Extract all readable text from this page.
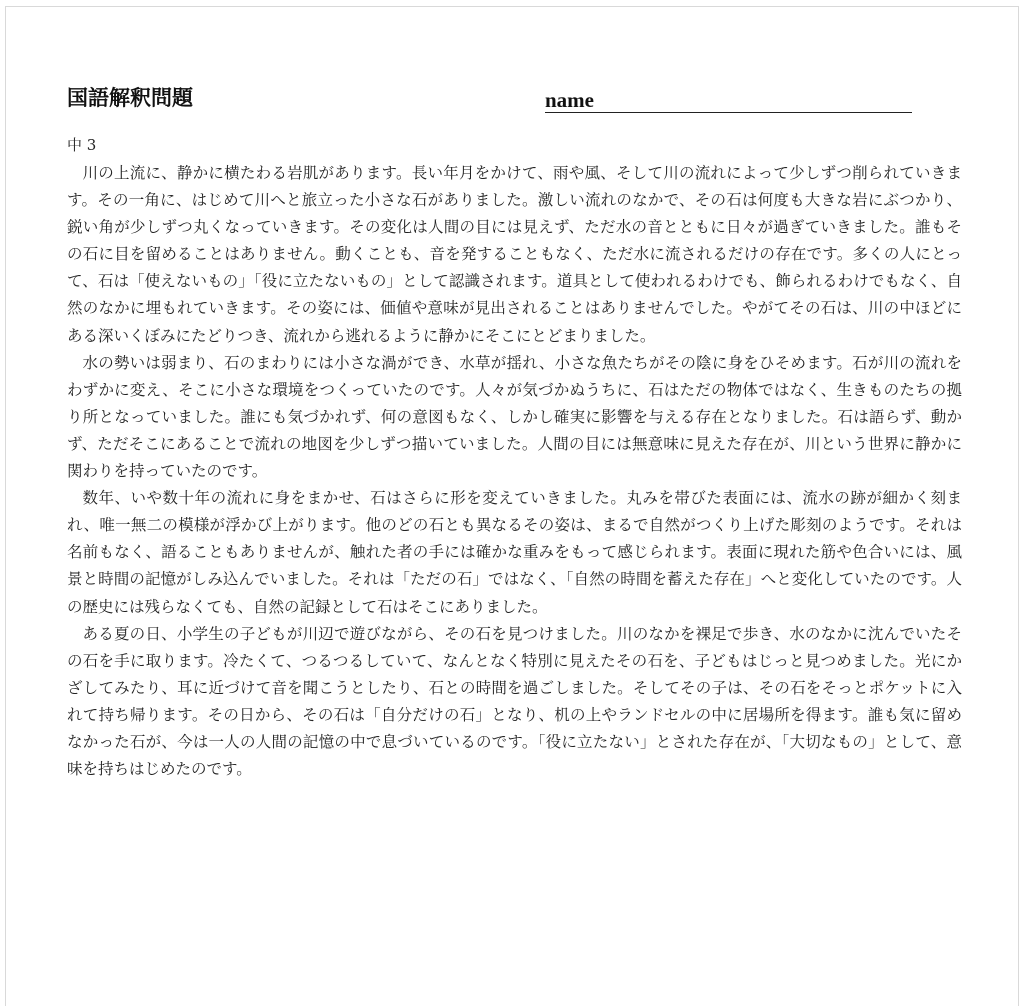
国語解釈問題	name
中 3

川の上流に、静かに横たわる岩肌があります。長い年月をかけて、雨や風、そして川の流れによって少しずつ削られていきます。その一角に、はじめて川へと旅立った小さな石がありました。激しい流れのなかで、その石は何度も大きな岩にぶつかり、鋭い角が少しずつ丸くなっていきます。その変化は人間の目には見えず、ただ水の音とともに日々が過ぎていきました。誰もその石に目を留めることはありません。動くことも、音を発することもなく、ただ水に流されるだけの存在です。多くの人にとって、石は「使えないもの」「役に立たないもの」として認識されます。道具として使われるわけでも、飾られるわけでもなく、自然のなかに埋もれていきます。その姿には、価値や意味が見出されることはありませんでした。やがてその石は、川の中ほどにある深いくぼみにたどりつき、流れから逃れるように静かにそこにとどまりました。

水の勢いは弱まり、石のまわりには小さな渦ができ、水草が揺れ、小さな魚たちがその陰に身をひそめます。石が川の流れをわずかに変え、そこに小さな環境をつくっていたのです。人々が気づかぬうちに、石はただの物体ではなく、生きものたちの拠り所となっていました。誰にも気づかれず、何の意図もなく、しかし確実に影響を与える存在となりました。石は語らず、動かず、ただそこにあることで流れの地図を少しずつ描いていました。人間の目には無意味に見えた存在が、川という世界に静かに関わりを持っていたのです。

数年、いや数十年の流れに身をまかせ、石はさらに形を変えていきました。丸みを帯びた表面には、流水の跡が細かく刻まれ、唯一無二の模様が浮かび上がります。他のどの石とも異なるその姿は、まるで自然がつくり上げた彫刻のようです。それは名前もなく、語ることもありませんが、触れた者の手には確かな重みをもって感じられます。表面に現れた筋や色合いには、風景と時間の記憶がしみ込んでいました。それは「ただの石」ではなく、「自然の時間を蓄えた存在」へと変化していたのです。人の歴史には残らなくても、自然の記録として石はそこにありました。

ある夏の日、小学生の子どもが川辺で遊びながら、その石を見つけました。川のなかを裸足で歩き、水のなかに沈んでいたその石を手に取ります。冷たくて、つるつるしていて、なんとなく特別に見えたその石を、子どもはじっと見つめました。光にかざしてみたり、耳に近づけて音を聞こうとしたり、石との時間を過ごしました。そしてその子は、その石をそっとポケットに入れて持ち帰ります。その日から、その石は「自分だけの石」となり、机の上やランドセルの中に居場所を得ます。誰も気に留めなかった石が、今は一人の人間の記憶の中で息づいているのです。「役に立たない」とされた存在が、「大切なもの」として、意味を持ちはじめたのです。
